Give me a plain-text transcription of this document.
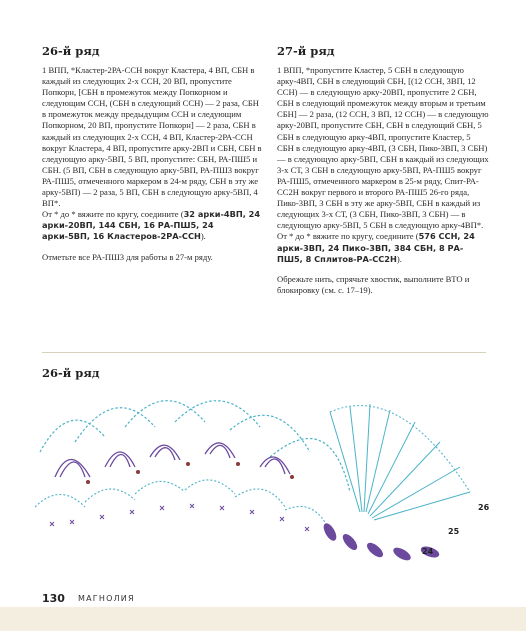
26-й ряд

1 ВПП, *Кластер-2РА-ССН вокруг Кластера, 4 ВП, СБН в каждый из следующих 2-х ССН, 20 ВП, пропустите Попкорн, [СБН в промежуток между Попкорном и следующим ССН, (СБН в следующий ССН) — 2 раза, СБН в промежуток между предыдущим ССН и следующим Попкорном, 20 ВП, пропустите Попкорн] — 2 раза, СБН в каждый из следующих 2-х ССН, 4 ВП, Кластер-2РА-ССН вокруг Кластера, 4 ВП, пропустите арку-2ВП и СБН, СБН в следующую арку-5ВП, 5 ВП, пропустите: СБН, РА-ПШ5 и СБН. (5 ВП, СБН в следующую арку-5ВП, РА-ПШ3 вокруг РА-ПШ5, отмеченного маркером в 24-м ряду, СБН в эту же арку-5ВП) — 2 раза, 5 ВП, СБН в следующую арку-5ВП, 4 ВП*.
От * до * вяжите по кругу, соедините (32 арки-4ВП, 24 арки-20ВП, 144 СБН, 16 РА-ПШ5, 24 арки-5ВП, 16 Кластеров-2РА-ССН).

Отметьте все РА-ПШ3 для работы в 27-м ряду.

27-й ряд

1 ВПП, *пропустите Кластер, 5 СБН в следующую арку-4ВП, СБН в следующий СБН, [(12 ССН, 3ВП, 12 ССН) — в следующую арку-20ВП, пропустите 2 СБН, СБН в следующий промежуток между вторым и третьим СБН] — 2 раза, (12 ССН, 3 ВП, 12 ССН) — в следующую арку-20ВП, пропустите СБН, СБН в следующий СБН, 5 СБН в следующую арку-4ВП, пропустите Кластер, 5 СБН в следующую арку-4ВП, (3 СБН, Пико-3ВП, 3 СБН) — в следующую арку-5ВП, СБН в каждый из следующих 3-х СТ, 3 СБН в следующую арку-5ВП, РА-ПШ5 вокруг РА-ПШ5, отмеченного маркером в 25-м ряду, Спит-РА-СС2Н вокруг первого и второго РА-ПШ5 26-го ряда, Пико-3ВП, 3 СБН в эту же арку-5ВП, СБН в каждый из следующих 3-х СТ, (3 СБН, Пико-3ВП, 3 СБН) — в следующую арку-5ВП, 5 СБН в следующую арку-4ВП*.
От * до * вяжите по кругу, соедините (576 ССН, 24 арки-3ВП, 24 Пико-3ВП, 384 СБН, 8 РА-ПШ5, 8 Сплитов-РА-СС2Н).

Обрежьте нить, спрячьте хвостик, выполните ВТО и блокировку (см. с. 17–19).

26-й ряд
26
25
24
130 МАГНОЛИЯ
